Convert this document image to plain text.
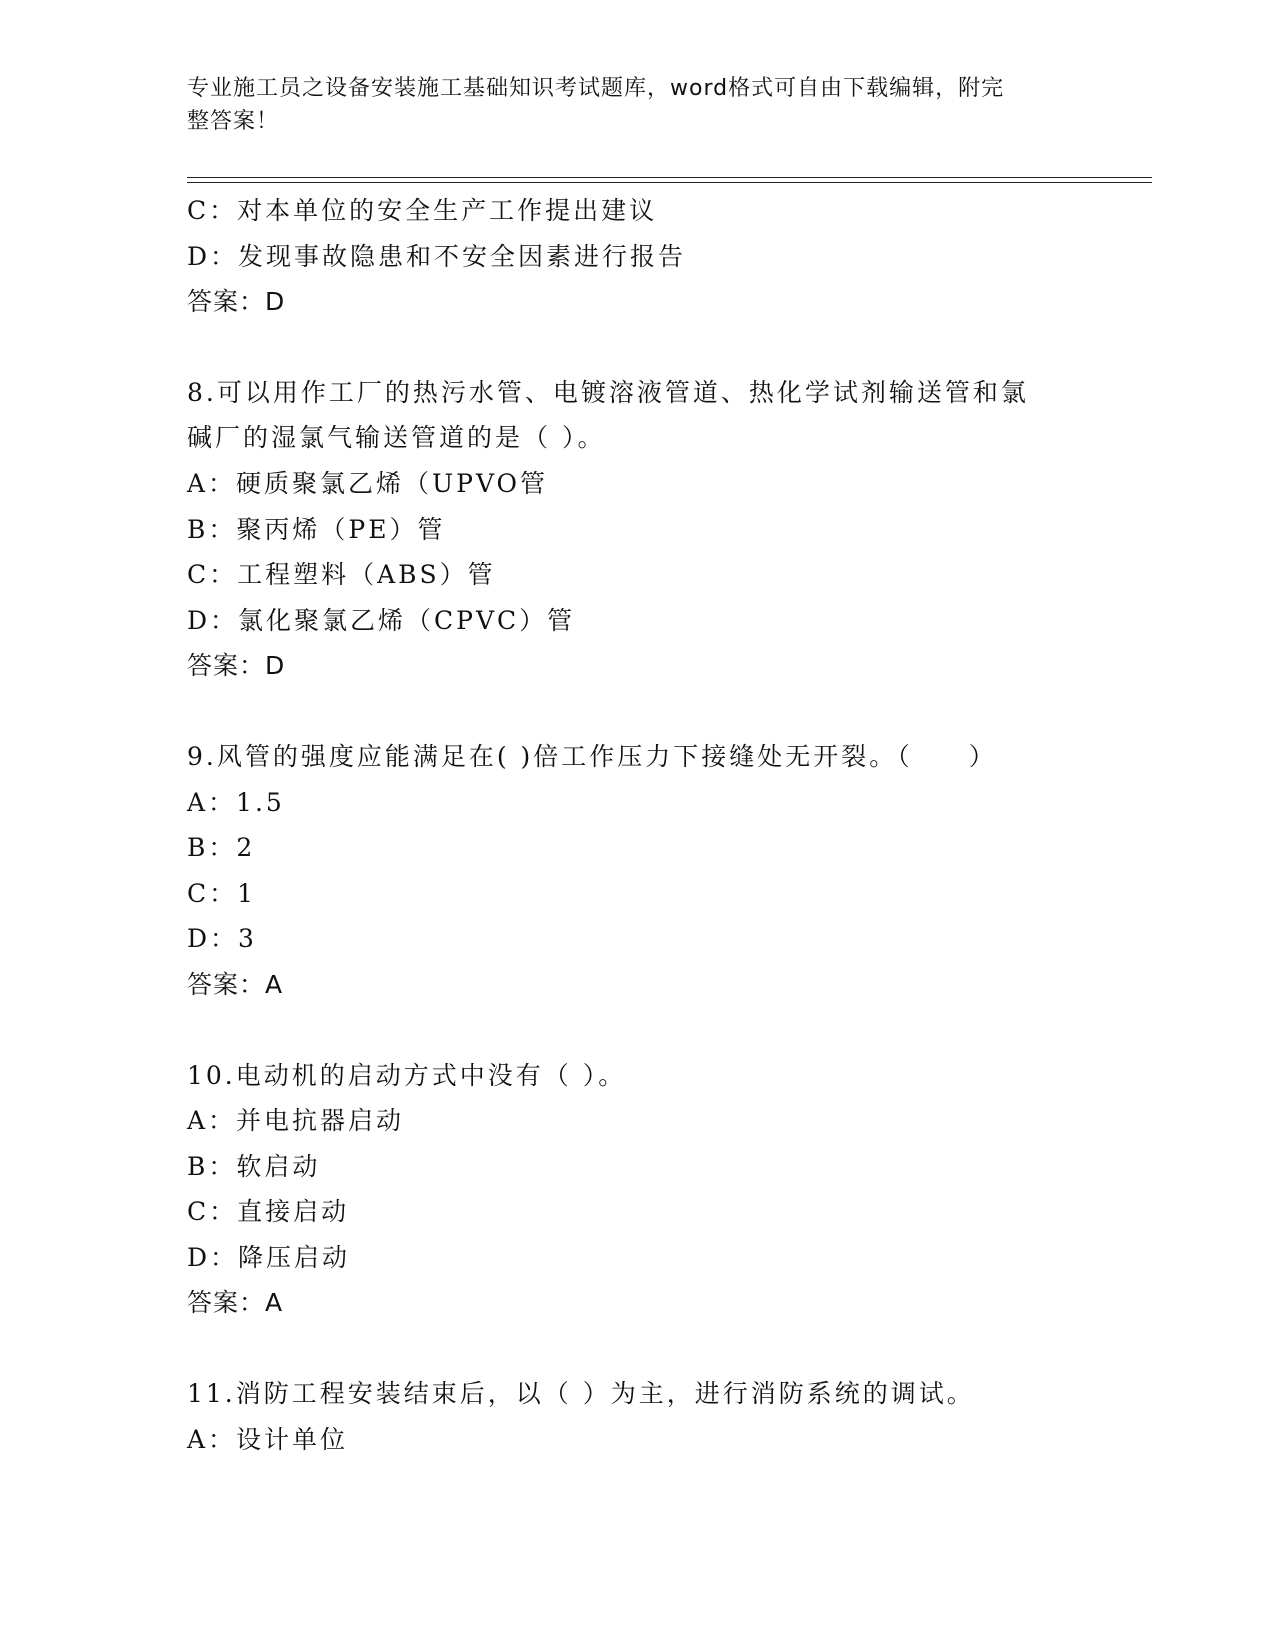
专业施工员之设备安装施工基础知识考试题库，word格式可自由下载编辑，附完
整答案！
C：对本单位的安全生产工作提出建议
D：发现事故隐患和不安全因素进行报告
答案：D
8.可以用作工厂的热污水管、电镀溶液管道、热化学试剂输送管和氯
碱厂的湿氯气输送管道的是（ ）。
A：硬质聚氯乙烯（UPVO管
B：聚丙烯（PE）管
C：工程塑料（ABS）管
D：氯化聚氯乙烯（CPVC）管
答案：D
9.风管的强度应能满足在( )倍工作压力下接缝处无开裂。（　　）
A：1.5
B：2
C：1
D：3
答案：A
10.电动机的启动方式中没有（ ）。
A：并电抗器启动
B：软启动
C：直接启动
D：降压启动
答案：A
11.消防工程安装结束后，以（ ）为主，进行消防系统的调试。
A：设计单位
